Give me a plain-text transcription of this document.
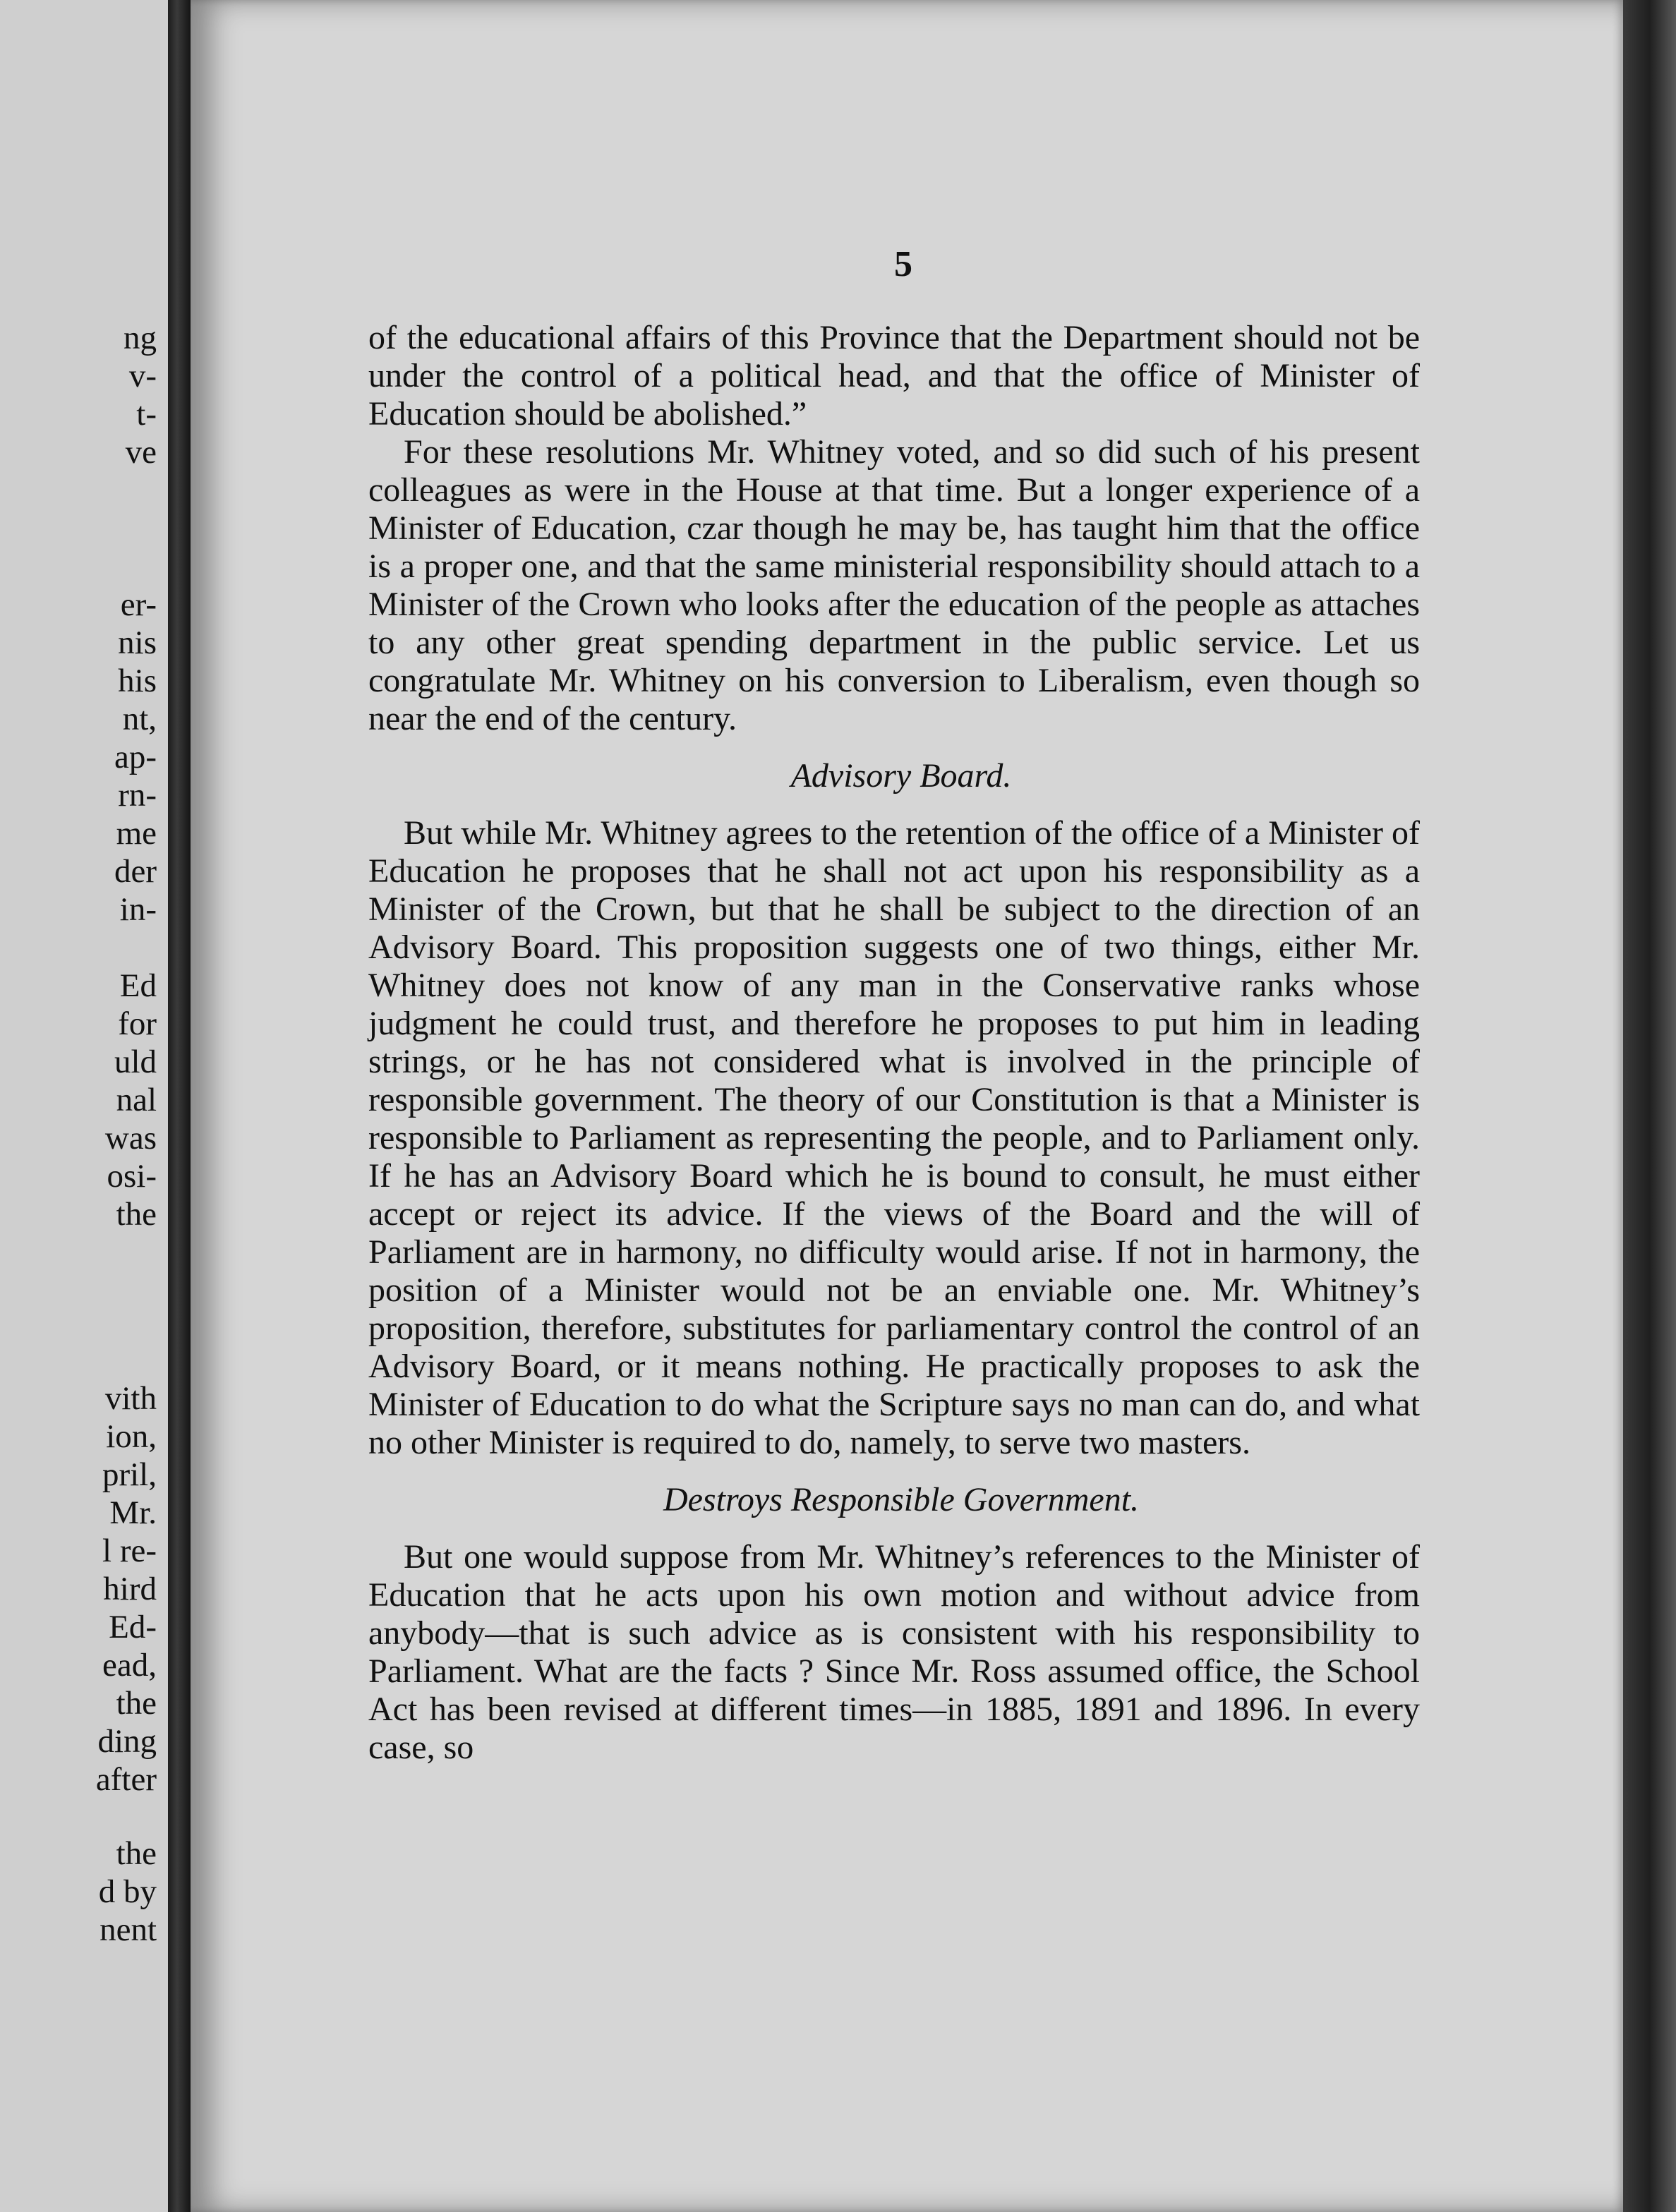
ng
v-
t-
ve
er-
nis
his
nt,
ap-
rn-
me
der
in-
Ed
for
uld
nal
was
osi-
the
vith
ion,
pril,
Mr.
l re-
hird
Ed-
ead,
the
ding
after
the
d by
nent
5

of the educational affairs of this Province that the Department should not be under the control of a political head, and that the office of Minister of Education should be abolished.”

For these resolutions Mr. Whitney voted, and so did such of his present colleagues as were in the House at that time. But a longer experience of a Minister of Education, czar though he may be, has taught him that the office is a proper one, and that the same ministerial responsibility should attach to a Minister of the Crown who looks after the education of the people as attaches to any other great spending department in the public service. Let us congratulate Mr. Whitney on his conversion to Liberalism, even though so near the end of the century.

Advisory Board.

But while Mr. Whitney agrees to the retention of the office of a Minister of Education he proposes that he shall not act upon his responsibility as a Minister of the Crown, but that he shall be subject to the direction of an Advisory Board. This proposition suggests one of two things, either Mr. Whitney does not know of any man in the Conservative ranks whose judgment he could trust, and therefore he proposes to put him in leading strings, or he has not considered what is involved in the principle of responsible government. The theory of our Constitution is that a Minister is responsible to Parliament as representing the people, and to Parliament only. If he has an Advisory Board which he is bound to consult, he must either accept or reject its advice. If the views of the Board and the will of Parliament are in harmony, no difficulty would arise. If not in harmony, the position of a Minister would not be an enviable one. Mr. Whitney’s proposition, therefore, substitutes for parliamentary control the control of an Advisory Board, or it means nothing. He practically proposes to ask the Minister of Education to do what the Scripture says no man can do, and what no other Minister is required to do, namely, to serve two masters.

Destroys Responsible Government.

But one would suppose from Mr. Whitney’s references to the Minister of Education that he acts upon his own motion and without advice from anybody—that is such advice as is consistent with his responsibility to Parliament. What are the facts ? Since Mr. Ross assumed office, the School Act has been revised at different times—in 1885, 1891 and 1896. In every case, so
